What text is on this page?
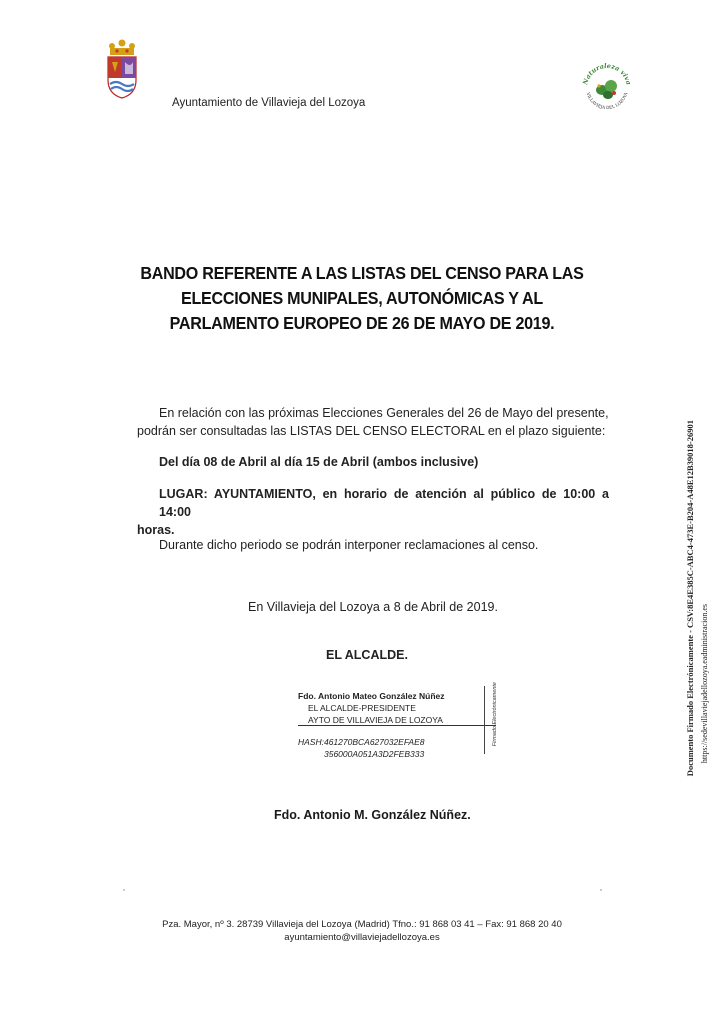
Ayuntamiento de Villavieja del Lozoya
Naturaleza viva
VILLAVIEJA DEL LOZOYA
BANDO REFERENTE A LAS LISTAS DEL CENSO PARA LAS
ELECCIONES MUNIPALES, AUTONÓMICAS Y AL
PARLAMENTO EUROPEO DE 26 DE MAYO DE 2019.
En relación con las próximas Elecciones Generales del 26 de Mayo del presente,
podrán ser consultadas las LISTAS DEL CENSO ELECTORAL en el plazo siguiente:
Del día 08 de Abril al día 15 de Abril (ambos inclusive)
LUGAR: AYUNTAMIENTO, en horario de atención al público de 10:00 a 14:00
horas.
Durante dicho periodo se podrán interponer reclamaciones al censo.
En Villavieja del Lozoya a 8 de Abril de 2019.
EL ALCALDE.
Fdo. Antonio Mateo González Núñez
EL ALCALDE-PRESIDENTE
AYTO DE VILLAVIEJA DE LOZOYA
HASH:461270BCA627032EFAE8
356000A051A3D2FEB333
Firmado Electrónicamente
Fdo. Antonio M. González Núñez.
Documento Firmado Electrónicamente - CSV:8E4E385C-ABC4-473E-B204-A48E12B39018-26901 https://sedevillaviejadellozoya.eadministracion.es
Pza. Mayor, nº 3. 28739 Villavieja del Lozoya (Madrid) Tfno.: 91 868 03 41 – Fax: 91 868 20 40
ayuntamiento@villaviejadellozoya.es
